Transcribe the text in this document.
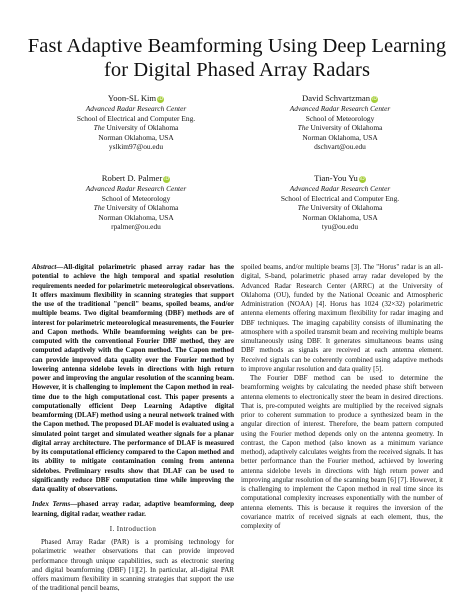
Fast Adaptive Beamforming Using Deep Learning
for Digital Phased Array Radars
Yoon-SL Kim iD
Advanced Radar Research Center
School of Electrical and Computer Eng.
The University of Oklahoma
Norman Oklahoma, USA
yslkim97@ou.edu
David Schvartzman iD
Advanced Radar Research Center
School of Meteorology
The University of Oklahoma
Norman Oklahoma, USA
dschvart@ou.edu
Robert D. Palmer iD
Advanced Radar Research Center
School of Meteorology
The University of Oklahoma
Norman Oklahoma, USA
rpalmer@ou.edu
Tian-You Yu iD
Advanced Radar Research Center
School of Electrical and Computer Eng.
The University of Oklahoma
Norman Oklahoma, USA
tyu@ou.edu

Abstract—All-digital polarimetric phased array radar has the potential to achieve the high temporal and spatial resolution requirements needed for polarimetric meteorological observations. It offers maximum flexibility in scanning strategies that support the use of the traditional "pencil" beams, spoiled beams, and/or multiple beams. Two digital beamforming (DBF) methods are of interest for polarimetric meteorological measurements, the Fourier and Capon methods. While beamforming weights can be pre-computed with the conventional Fourier DBF method, they are computed adaptively with the Capon method. The Capon method can provide improved data quality over the Fourier method by lowering antenna sidelobe levels in directions with high return power and improving the angular resolution of the scanning beam. However, it is challenging to implement the Capon method in real-time due to the high computational cost. This paper presents a computationally efficient Deep Learning Adaptive digital beamforming (DLAF) method using a neural network trained with the Capon method. The proposed DLAF model is evaluated using a simulated point target and simulated weather signals for a planar digital array architecture. The performance of DLAF is measured by its computational efficiency compared to the Capon method and its ability to mitigate contamination coming from antenna sidelobes. Preliminary results show that DLAF can be used to significantly reduce DBF computation time while improving the data quality of observations.

Index Terms—phased array radar, adaptive beamforming, deep learning, digital radar, weather radar.

I. Introduction

Phased Array Radar (PAR) is a promising technology for polarimetric weather observations that can provide improved performance through unique capabilities, such as electronic steering and digital beamforming (DBF) [1][2]. In particular, all-digital PAR offers maximum flexibility in scanning strategies that support the use of the traditional pencil beams,

spoiled beams, and/or multiple beams [3]. The "Horus" radar is an all-digital, S-band, polarimetric phased array radar developed by the Advanced Radar Research Center (ARRC) at the University of Oklahoma (OU), funded by the National Oceanic and Atmospheric Administration (NOAA) [4]. Horus has 1024 (32×32) polarimetric antenna elements offering maximum flexibility for radar imaging and DBF techniques. The imaging capability consists of illuminating the atmosphere with a spoiled transmit beam and receiving multiple beams simultaneously using DBF. It generates simultaneous beams using DBF methods as signals are received at each antenna element. Received signals can be coherently combined using adaptive methods to improve angular resolution and data quality [5].

The Fourier DBF method can be used to determine the beamforming weights by calculating the needed phase shift between antenna elements to electronically steer the beam in desired directions. That is, pre-computed weights are multiplied by the received signals prior to coherent summation to produce a synthesized beam in the angular direction of interest. Therefore, the beam pattern computed using the Fourier method depends only on the antenna geometry. In contrast, the Capon method (also known as a minimum variance method), adaptively calculates weights from the received signals. It has better performance than the Fourier method, achieved by lowering antenna sidelobe levels in directions with high return power and improving angular resolution of the scanning beam [6] [7]. However, it is challenging to implement the Capon method in real time since its computational complexity increases exponentially with the number of antenna elements. This is because it requires the inversion of the covariance matrix of received signals at each element, thus, the complexity of
